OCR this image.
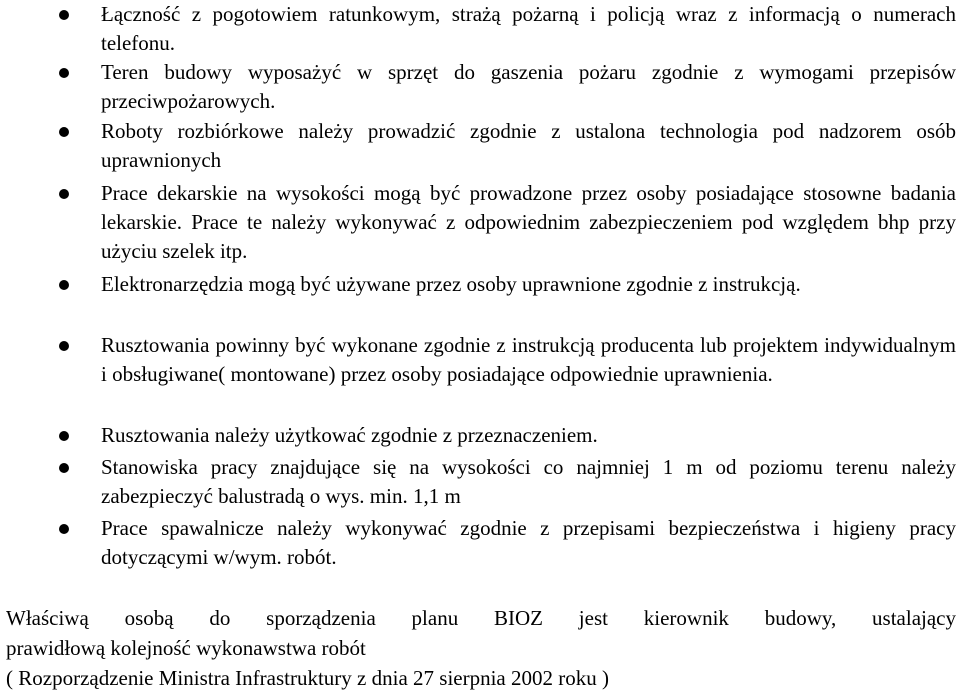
Łączność z pogotowiem ratunkowym, strażą pożarną i policją wraz z informacją o numerach telefonu.
Teren budowy wyposażyć w sprzęt do gaszenia pożaru zgodnie z wymogami przepisów przeciwpożarowych.
Roboty rozbiórkowe należy prowadzić zgodnie z ustalona technologia pod nadzorem osób uprawnionych
Prace dekarskie na wysokości mogą być prowadzone przez osoby posiadające stosowne badania lekarskie. Prace te należy wykonywać z odpowiednim zabezpieczeniem pod względem bhp przy użyciu szelek itp.
Elektronarzędzia mogą być używane przez osoby uprawnione zgodnie z instrukcją.
Rusztowania powinny być wykonane zgodnie z instrukcją producenta lub projektem indywidualnym i obsługiwane( montowane) przez osoby posiadające odpowiednie uprawnienia.
Rusztowania należy użytkować zgodnie z przeznaczeniem.
Stanowiska pracy znajdujące się na wysokości co najmniej 1 m od poziomu terenu należy zabezpieczyć balustradą o wys. min. 1,1 m
Prace spawalnicze należy wykonywać zgodnie z przepisami bezpieczeństwa i higieny pracy dotyczącymi w/wym. robót.
Właściwą osobą do sporządzenia planu BIOZ jest kierownik budowy, ustalający
prawidłową kolejność wykonawstwa robót
( Rozporządzenie Ministra Infrastruktury z dnia 27 sierpnia 2002 roku )
